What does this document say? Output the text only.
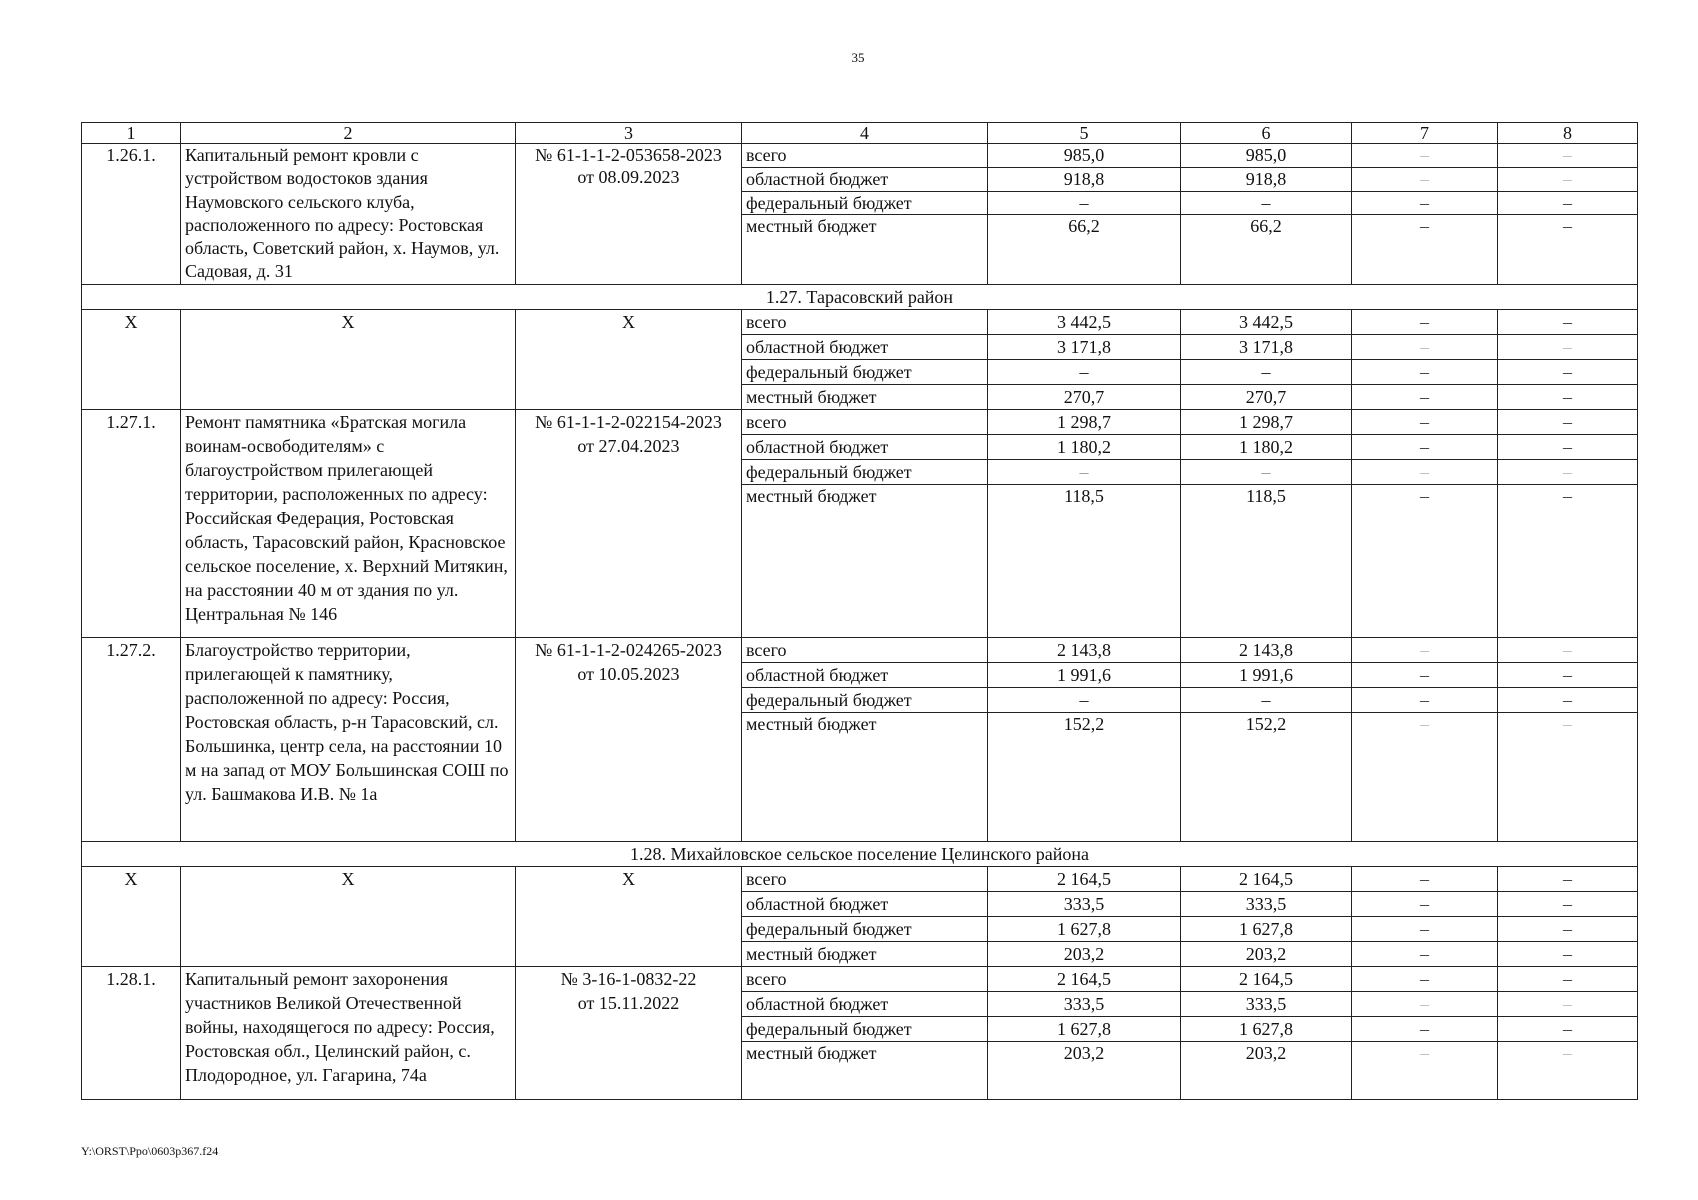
35
1	2	3	4	5	6	7	8
1.26.1.	Капитальный ремонт кровли с устройством водостоков здания Наумовского сельского клуба, расположенного по адресу: Ростовская область, Советский район, х. Наумов, ул. Садовая, д. 31	№ 61-1-1-2-053658-2023
от 08.09.2023	всего	985,0	985,0	–	–
			областной бюджет	918,8	918,8	–	–
			федеральный бюджет	–	–	–	–
			местный бюджет	66,2	66,2	–	–
1.27. Тарасовский район							
Х	Х	Х	всего	3 442,5	3 442,5	–	–
			областной бюджет	3 171,8	3 171,8	–	–
			федеральный бюджет	–	–	–	–
			местный бюджет	270,7	270,7	–	–
1.27.1.	Ремонт памятника «Братская могила воинам-освободителям» с благоустройством прилегающей территории, расположенных по адресу: Российская Федерация, Ростовская область, Тарасовский район, Красновское сельское поселение, х. Верхний Митякин, на расстоянии 40 м от здания по ул. Центральная № 146	№ 61-1-1-2-022154-2023
от 27.04.2023	всего	1 298,7	1 298,7	–	–
			областной бюджет	1 180,2	1 180,2	–	–
			федеральный бюджет	–	–	–	–
			местный бюджет	118,5	118,5	–	–
1.27.2.	Благоустройство территории, прилегающей к памятнику, расположенной по адресу: Россия, Ростовская область, р-н Тарасовский, сл. Большинка, центр села, на расстоянии 10 м на запад от МОУ Большинская СОШ по ул. Башмакова И.В. № 1а	№ 61-1-1-2-024265-2023
от 10.05.2023	всего	2 143,8	2 143,8	–	–
			областной бюджет	1 991,6	1 991,6	–	–
			федеральный бюджет	–	–	–	–
			местный бюджет	152,2	152,2	–	–
1.28. Михайловское сельское поселение Целинского района							
Х	Х	Х	всего	2 164,5	2 164,5	–	–
			областной бюджет	333,5	333,5	–	–
			федеральный бюджет	1 627,8	1 627,8	–	–
			местный бюджет	203,2	203,2	–	–
1.28.1.	Капитальный ремонт захоронения участников Великой Отечественной войны, находящегося по адресу: Россия, Ростовская обл., Целинский район, с. Плодородное, ул. Гагарина, 74а	№ 3-16-1-0832-22
от 15.11.2022	всего	2 164,5	2 164,5	–	–
			областной бюджет	333,5	333,5	–	–
			федеральный бюджет	1 627,8	1 627,8	–	–
			местный бюджет	203,2	203,2	–	–
Y:\ORST\Ppo\0603p367.f24
